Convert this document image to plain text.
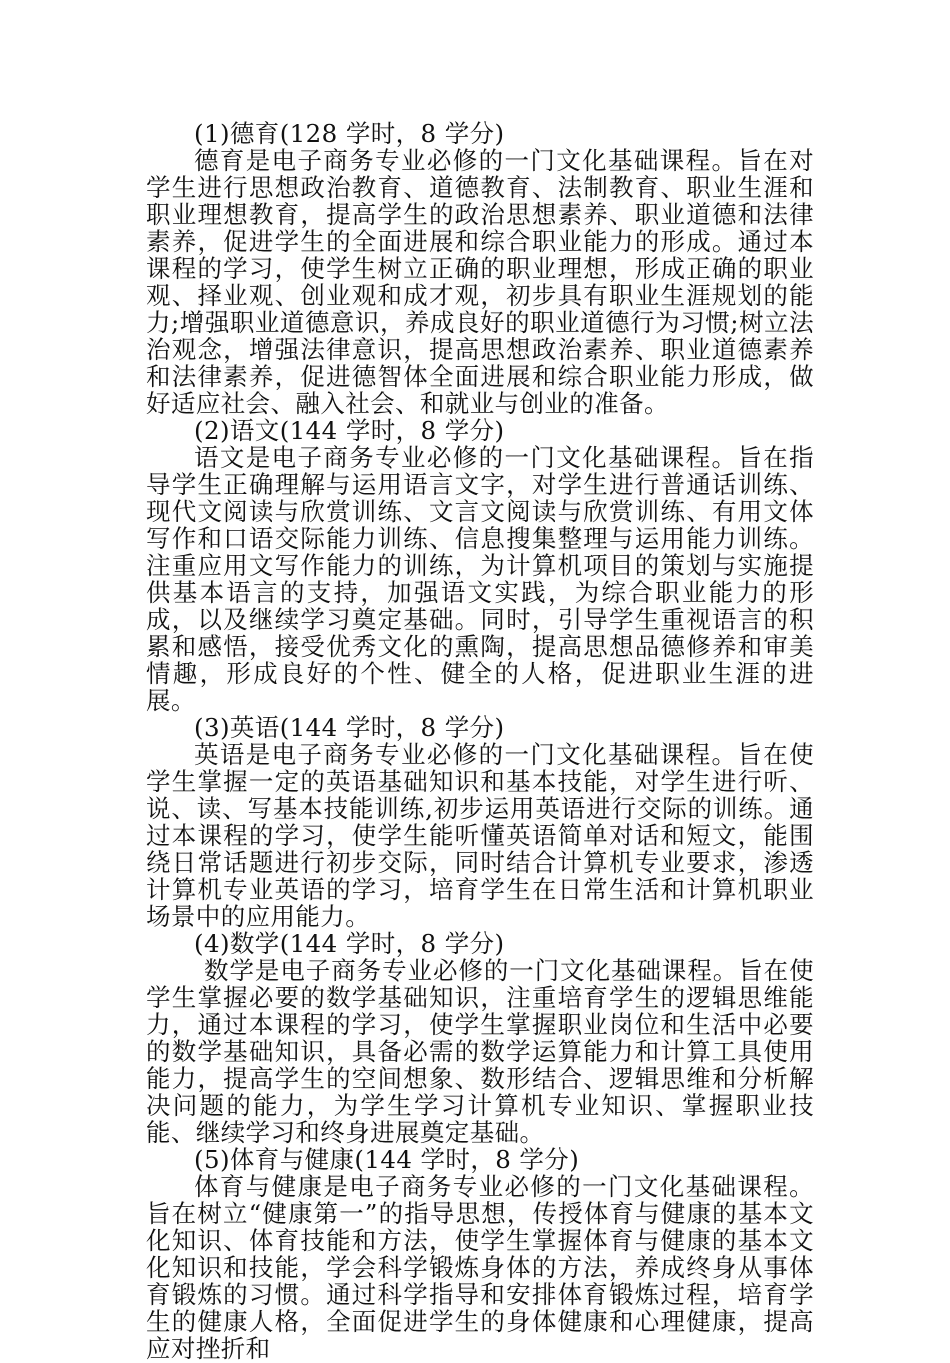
(1)德育(128 学时，8 学分)

德育是电子商务专业必修的一门文化基础课程。旨在对学生进行思想政治教育、道德教育、法制教育、职业生涯和职业理想教育，提高学生的政治思想素养、职业道德和法律素养，促进学生的全面进展和综合职业能力的形成。通过本课程的学习，使学生树立正确的职业理想，形成正确的职业观、择业观、创业观和成才观，初步具有职业生涯规划的能力;增强职业道德意识，养成良好的职业道德行为习惯;树立法治观念，增强法律意识，提高思想政治素养、职业道德素养和法律素养，促进德智体全面进展和综合职业能力形成，做好适应社会、融入社会、和就业与创业的准备。

(2)语文(144 学时，8 学分)

语文是电子商务专业必修的一门文化基础课程。旨在指导学生正确理解与运用语言文字，对学生进行普通话训练、现代文阅读与欣赏训练、文言文阅读与欣赏训练、有用文体写作和口语交际能力训练、信息搜集整理与运用能力训练。注重应用文写作能力的训练，为计算机项目的策划与实施提供基本语言的支持，加强语文实践，为综合职业能力的形成，以及继续学习奠定基础。同时，引导学生重视语言的积累和感悟，接受优秀文化的熏陶，提高思想品德修养和审美情趣，形成良好的个性、健全的人格，促进职业生涯的进展。

(3)英语(144 学时，8 学分)

英语是电子商务专业必修的一门文化基础课程。旨在使学生掌握一定的英语基础知识和基本技能，对学生进行听、说、读、写基本技能训练,初步运用英语进行交际的训练。通过本课程的学习，使学生能听懂英语简单对话和短文，能围绕日常话题进行初步交际，同时结合计算机专业要求，渗透计算机专业英语的学习，培育学生在日常生活和计算机职业场景中的应用能力。

(4)数学(144 学时，8 学分)

数学是电子商务专业必修的一门文化基础课程。旨在使学生掌握必要的数学基础知识，注重培育学生的逻辑思维能力，通过本课程的学习，使学生掌握职业岗位和生活中必要的数学基础知识，具备必需的数学运算能力和计算工具使用能力，提高学生的空间想象、数形结合、逻辑思维和分析解决问题的能力，为学生学习计算机专业知识、掌握职业技能、继续学习和终身进展奠定基础。

(5)体育与健康(144 学时，8 学分)

体育与健康是电子商务专业必修的一门文化基础课程。旨在树立“健康第一”的指导思想，传授体育与健康的基本文化知识、体育技能和方法，使学生掌握体育与健康的基本文化知识和技能，学会科学锻炼身体的方法，养成终身从事体育锻炼的习惯。通过科学指导和安排体育锻炼过程，培育学生的健康人格，全面促进学生的身体健康和心理健康，提高应对挫折和
